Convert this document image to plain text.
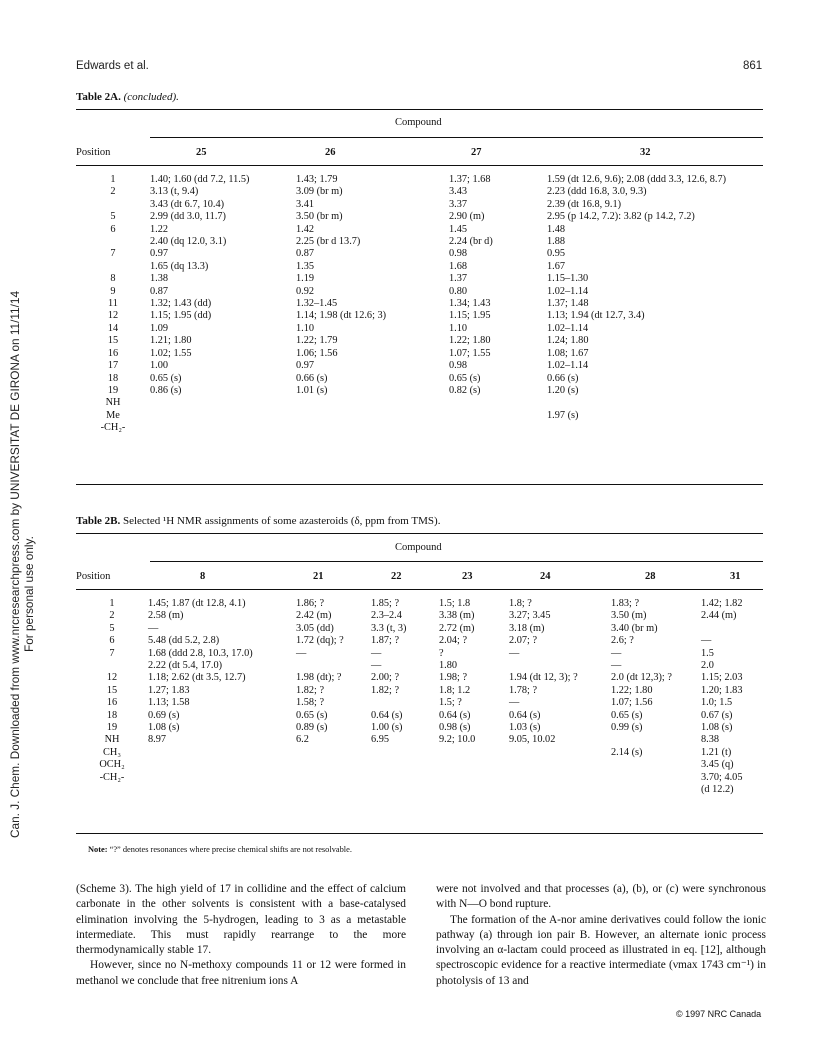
Edwards et al.	861
Can. J. Chem. Downloaded from www.nrcresearchpress.com by UNIVERSITAT DE GIRONA on 11/11/14 For personal use only.
Table 2A. (concluded).
Compound
Position	25	26	27	32
1	1.40; 1.60 (dd 7.2, 11.5)	1.43; 1.79	1.37; 1.68	1.59 (dt 12.6, 9.6); 2.08 (ddd 3.3, 12.6, 8.7)
2	3.13 (t, 9.4)	3.09 (br m)	3.43	2.23 (ddd 16.8, 3.0, 9.3)
	3.43 (dt 6.7, 10.4)	3.41	3.37	2.39 (dt 16.8, 9.1)
5	2.99 (dd 3.0, 11.7)	3.50 (br m)	2.90 (m)	2.95 (p 14.2, 7.2): 3.82 (p 14.2, 7.2)
6	1.22	1.42	1.45	1.48
	2.40 (dq 12.0, 3.1)	2.25 (br d 13.7)	2.24 (br d)	1.88
7	0.97	0.87	0.98	0.95
	1.65 (dq 13.3)	1.35	1.68	1.67
8	1.38	1.19	1.37	1.15–1.30
9	0.87	0.92	0.80	1.02–1.14
11	1.32; 1.43 (dd)	1.32–1.45	1.34; 1.43	1.37; 1.48
12	1.15; 1.95 (dd)	1.14; 1.98 (dt 12.6; 3)	1.15; 1.95	1.13; 1.94 (dt 12.7, 3.4)
14	1.09	1.10	1.10	1.02–1.14
15	1.21; 1.80	1.22; 1.79	1.22; 1.80	1.24; 1.80
16	1.02; 1.55	1.06; 1.56	1.07; 1.55	1.08; 1.67
17	1.00	0.97	0.98	1.02–1.14
18	0.65 (s)	0.66 (s)	0.65 (s)	0.66 (s)
19	0.86 (s)	1.01 (s)	0.82 (s)	1.20 (s)
NH				
Me				1.97 (s)
-CH₂-				
Table 2B. Selected ¹H NMR assignments of some azasteroids (δ, ppm from TMS).
Compound
Position	8	21	22	23	24	28	31
1	1.45; 1.87 (dt 12.8, 4.1)	1.86; ?	1.85; ?	1.5; 1.8	1.8; ?	1.83; ?	1.42; 1.82
2	2.58 (m)	2.42 (m)	2.3–2.4	3.38 (m)	3.27; 3.45	3.50 (m)	2.44 (m)
5	—	3.05 (dd)	3.3 (t, 3)	2.72 (m)	3.18 (m)	3.40 (br m)	
6	5.48 (dd 5.2, 2.8)	1.72 (dq); ?	1.87; ?	2.04; ?	2.07; ?	2.6; ?	—
7	1.68 (ddd 2.8, 10.3, 17.0)	—	—	?	—	—	1.5
	2.22 (dt 5.4, 17.0)		—	1.80		—	2.0
12	1.18; 2.62 (dt 3.5, 12.7)	1.98 (dt); ?	2.00; ?	1.98; ?	1.94 (dt 12, 3); ?	2.0 (dt 12,3); ?	1.15; 2.03
15	1.27; 1.83	1.82; ?	1.82; ?	1.8; 1.2	1.78; ?	1.22; 1.80	1.20; 1.83
16	1.13; 1.58	1.58; ?		1.5; ?	—	1.07; 1.56	1.0; 1.5
18	0.69 (s)	0.65 (s)	0.64 (s)	0.64 (s)	0.64 (s)	0.65 (s)	0.67 (s)
19	1.08 (s)	0.89 (s)	1.00 (s)	0.98 (s)	1.03 (s)	0.99 (s)	1.08 (s)
NH	8.97	6.2	6.95	9.2; 10.0	9.05, 10.02		8.38
CH₃						2.14 (s)	1.21 (t)
OCH₂							3.45 (q)
-CH₂-							3.70; 4.05
							(d 12.2)
Note: “?” denotes resonances where precise chemical shifts are not resolvable.

(Scheme 3). The high yield of 17 in collidine and the effect of calcium carbonate in the other solvents is consistent with a base-catalysed elimination involving the 5-hydrogen, leading to 3 as a metastable intermediate. This must rapidly rearrange to the more thermodynamically stable 17.

However, since no N-methoxy compounds 11 or 12 were formed in methanol we conclude that free nitrenium ions A

were not involved and that processes (a), (b), or (c) were synchronous with N—O bond rupture.

The formation of the A-nor amine derivatives could follow the ionic pathway (a) through ion pair B. However, an alternate ionic process involving an α-lactam could proceed as illustrated in eq. [12], although spectroscopic evidence for a reactive intermediate (νmax 1743 cm⁻¹) in photolysis of 13 and

© 1997 NRC Canada
